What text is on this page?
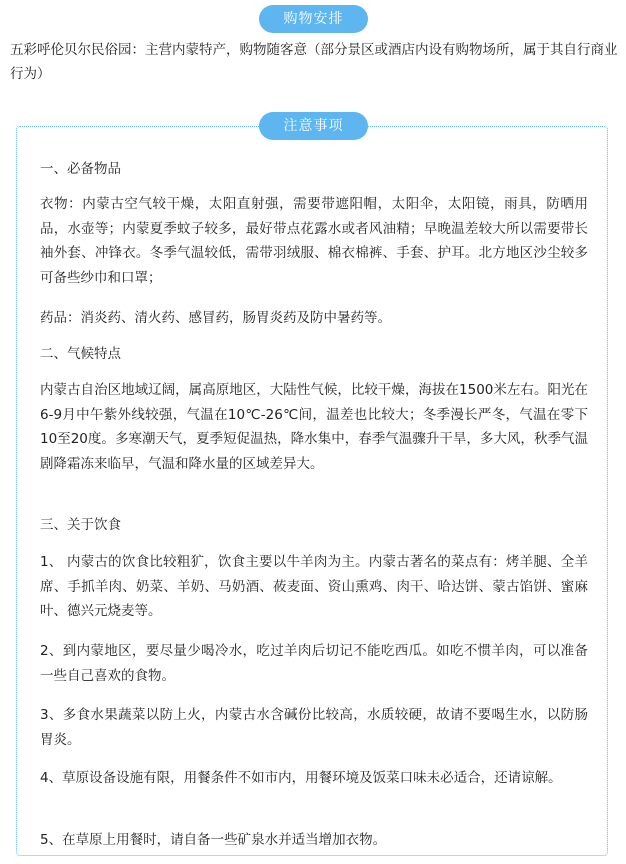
购物安排
五彩呼伦贝尔民俗园：主营内蒙特产，购物随客意（部分景区或酒店内设有购物场所，属于其自行商业行为）
注意事项
一、必备物品
衣物：内蒙古空气较干燥，太阳直射强，需要带遮阳帽，太阳伞，太阳镜，雨具，防晒用品，水壶等；内蒙夏季蚊子较多，最好带点花露水或者风油精；早晚温差较大所以需要带长袖外套、冲锋衣。冬季气温较低，需带羽绒服、棉衣棉裤、手套、护耳。北方地区沙尘较多可备些纱巾和口罩；
药品：消炎药、清火药、感冒药，肠胃炎药及防中暑药等。
二、气候特点
内蒙古自治区地域辽阔，属高原地区，大陆性气候，比较干燥，海拔在1500米左右。阳光在6-9月中午紫外线较强，气温在10℃-26℃间，温差也比较大；冬季漫长严冬，气温在零下10至20度。多寒潮天气，夏季短促温热，降水集中，春季气温骤升干旱，多大风，秋季气温剧降霜冻来临早，气温和降水量的区域差异大。
三、关于饮食
1、 内蒙古的饮食比较粗犷，饮食主要以牛羊肉为主。内蒙古著名的菜点有：烤羊腿、全羊席、手抓羊肉、奶菜、羊奶、马奶酒、莜麦面、资山熏鸡、肉干、哈达饼、蒙古馅饼、蜜麻叶、德兴元烧麦等。
2、到内蒙地区，要尽量少喝冷水，吃过羊肉后切记不能吃西瓜。如吃不惯羊肉，可以准备一些自己喜欢的食物。
3、多食水果蔬菜以防上火，内蒙古水含碱份比较高，水质较硬，故请不要喝生水，以防肠胃炎。
4、草原设备设施有限，用餐条件不如市内，用餐环境及饭菜口味未必适合，还请谅解。
5、在草原上用餐时，请自备一些矿泉水并适当增加衣物。
